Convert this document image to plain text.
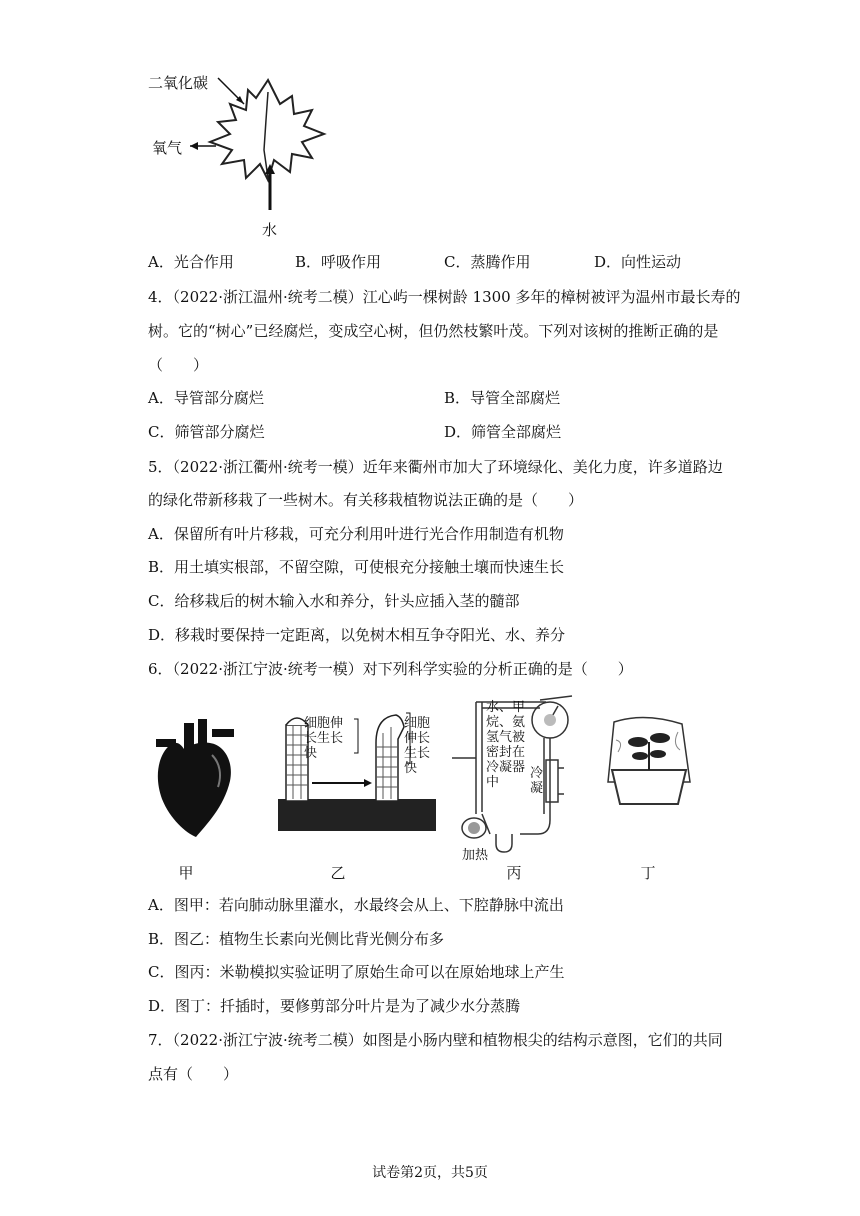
二氧化碳
氧气
水
A．光合作用	B．呼吸作用	C．蒸腾作用	D．向性运动
4．（2022·浙江温州·统考二模）江心屿一棵树龄 1300 多年的樟树被评为温州市最长寿的
树。它的“树心”已经腐烂，变成空心树，但仍然枝繁叶茂。下列对该树的推断正确的是
（　　）
A．导管部分腐烂	B．导管全部腐烂
C．筛管部分腐烂	D．筛管全部腐烂
5．（2022·浙江衢州·统考一模）近年来衢州市加大了环境绿化、美化力度，许多道路边
的绿化带新移栽了一些树木。有关移栽植物说法正确的是（　　）
A．保留所有叶片移栽，可充分利用叶进行光合作用制造有机物
B．用土填实根部，不留空隙，可使根充分接触土壤而快速生长
C．给移栽后的树木输入水和养分，针头应插入茎的髓部
D．移栽时要保持一定距离，以免树木相互争夺阳光、水、养分
6．（2022·浙江宁波·统考一模）对下列科学实验的分析正确的是（　　）
细胞伸
长生长
快
细胞
伸长
生长
快
水、甲
烷、氨
氢气被
密封在
冷凝器
中
冷
凝
加热
甲	乙	丙	丁
A．图甲：若向肺动脉里灌水，水最终会从上、下腔静脉中流出
B．图乙：植物生长素向光侧比背光侧分布多
C．图丙：米勒模拟实验证明了原始生命可以在原始地球上产生
D．图丁：扦插时，要修剪部分叶片是为了减少水分蒸腾
7．（2022·浙江宁波·统考二模）如图是小肠内壁和植物根尖的结构示意图，它们的共同
点有（　　）
试卷第2页，共5页
